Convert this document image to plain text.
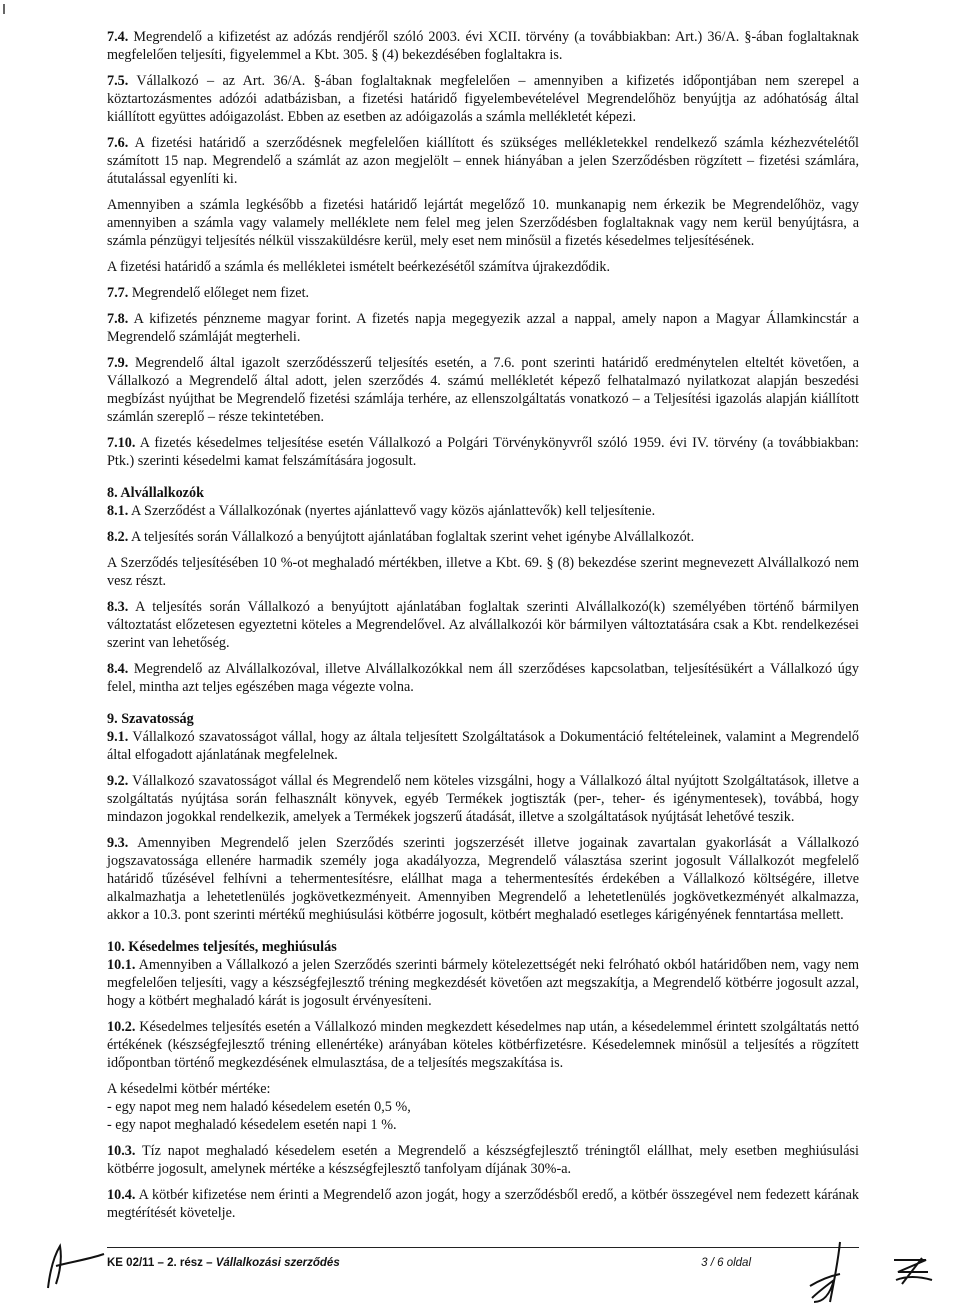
7.4. Megrendelő a kifizetést az adózás rendjéről szóló 2003. évi XCII. törvény (a továbbiakban: Art.) 36/A. §-ában foglaltaknak megfelelően teljesíti, figyelemmel a Kbt. 305. § (4) bekezdésében foglaltakra is.

7.5. Vállalkozó – az Art. 36/A. §-ában foglaltaknak megfelelően – amennyiben a kifizetés időpontjában nem szerepel a köztartozásmentes adózói adatbázisban, a fizetési határidő figyelembevételével Megrendelőhöz benyújtja az adóhatóság által kiállított együttes adóigazolást. Ebben az esetben az adóigazolás a számla mellékletét képezi.

7.6. A fizetési határidő a szerződésnek megfelelően kiállított és szükséges mellékletekkel rendelkező számla kézhezvételétől számított 15 nap. Megrendelő a számlát az azon megjelölt – ennek hiányában a jelen Szerződésben rögzített – fizetési számlára, átutalással egyenlíti ki.

Amennyiben a számla legkésőbb a fizetési határidő lejártát megelőző 10. munkanapig nem érkezik be Megrendelőhöz, vagy amennyiben a számla vagy valamely melléklete nem felel meg jelen Szerződésben foglaltaknak vagy nem kerül benyújtásra, a számla pénzügyi teljesítés nélkül visszaküldésre kerül, mely eset nem minősül a fizetés késedelmes teljesítésének.

A fizetési határidő a számla és mellékletei ismételt beérkezésétől számítva újrakezdődik.

7.7. Megrendelő előleget nem fizet.

7.8. A kifizetés pénzneme magyar forint. A fizetés napja megegyezik azzal a nappal, amely napon a Magyar Államkincstár a Megrendelő számláját megterheli.

7.9. Megrendelő által igazolt szerződésszerű teljesítés esetén, a 7.6. pont szerinti határidő eredménytelen elteltét követően, a Vállalkozó a Megrendelő által adott, jelen szerződés 4. számú mellékletét képező felhatalmazó nyilatkozat alapján beszedési megbízást nyújthat be Megrendelő fizetési számlája terhére, az ellenszolgáltatás vonatkozó – a Teljesítési igazolás alapján kiállított számlán szereplő – része tekintetében.

7.10. A fizetés késedelmes teljesítése esetén Vállalkozó a Polgári Törvénykönyvről szóló 1959. évi IV. törvény (a továbbiakban: Ptk.) szerinti késedelmi kamat felszámítására jogosult.

8. Alvállalkozók

8.1. A Szerződést a Vállalkozónak (nyertes ajánlattevő vagy közös ajánlattevők) kell teljesítenie.

8.2. A teljesítés során Vállalkozó a benyújtott ajánlatában foglaltak szerint vehet igénybe Alvállalkozót.

A Szerződés teljesítésében 10 %-ot meghaladó mértékben, illetve a Kbt. 69. § (8) bekezdése szerint megnevezett Alvállalkozó nem vesz részt.

8.3. A teljesítés során Vállalkozó a benyújtott ajánlatában foglaltak szerinti Alvállalkozó(k) személyében történő bármilyen változtatást előzetesen egyeztetni köteles a Megrendelővel. Az alvállalkozói kör bármilyen változtatására csak a Kbt. rendelkezései szerint van lehetőség.

8.4. Megrendelő az Alvállalkozóval, illetve Alvállalkozókkal nem áll szerződéses kapcsolatban, teljesítésükért a Vállalkozó úgy felel, mintha azt teljes egészében maga végezte volna.

9. Szavatosság

9.1. Vállalkozó szavatosságot vállal, hogy az általa teljesített Szolgáltatások a Dokumentáció feltételeinek, valamint a Megrendelő által elfogadott ajánlatának megfelelnek.

9.2. Vállalkozó szavatosságot vállal és Megrendelő nem köteles vizsgálni, hogy a Vállalkozó által nyújtott Szolgáltatások, illetve a szolgáltatás nyújtása során felhasznált könyvek, egyéb Termékek jogtiszták (per-, teher- és igénymentesek), továbbá, hogy mindazon jogokkal rendelkezik, amelyek a Termékek jogszerű átadását, illetve a szolgáltatások nyújtását lehetővé teszik.

9.3. Amennyiben Megrendelő jelen Szerződés szerinti jogszerzését illetve jogainak zavartalan gyakorlását a Vállalkozó jogszavatossága ellenére harmadik személy joga akadályozza, Megrendelő választása szerint jogosult Vállalkozót megfelelő határidő tűzésével felhívni a tehermentesítésre, elállhat maga a tehermentesítés érdekében a Vállalkozó költségére, illetve alkalmazhatja a lehetetlenülés jogkövetkezményeit. Amennyiben Megrendelő a lehetetlenülés jogkövetkezményét alkalmazza, akkor a 10.3. pont szerinti mértékű meghiúsulási kötbérre jogosult, kötbért meghaladó esetleges kárigényének fenntartása mellett.

10. Késedelmes teljesítés, meghiúsulás

10.1. Amennyiben a Vállalkozó a jelen Szerződés szerinti bármely kötelezettségét neki felróható okból határidőben nem, vagy nem megfelelően teljesíti, vagy a készségfejlesztő tréning megkezdését követően azt megszakítja, a Megrendelő kötbérre jogosult azzal, hogy a kötbért meghaladó kárát is jogosult érvényesíteni.

10.2. Késedelmes teljesítés esetén a Vállalkozó minden megkezdett késedelmes nap után, a késedelemmel érintett szolgáltatás nettó értékének (készségfejlesztő tréning ellenértéke) arányában köteles kötbérfizetésre. Késedelemnek minősül a teljesítés a rögzített időpontban történő megkezdésének elmulasztása, de a teljesítés megszakítása is.

A késedelmi kötbér mértéke:
- egy napot meg nem haladó késedelem esetén 0,5 %,
- egy napot meghaladó késedelem esetén napi 1 %.

10.3. Tíz napot meghaladó késedelem esetén a Megrendelő a készségfejlesztő tréningtől elállhat, mely esetben meghiúsulási kötbérre jogosult, amelynek mértéke a készségfejlesztő tanfolyam díjának 30%-a.

10.4. A kötbér kifizetése nem érinti a Megrendelő azon jogát, hogy a szerződésből eredő, a kötbér összegével nem fedezett kárának megtérítését követelje.

KE 02/11 – 2. rész – Vállalkozási szerződés	3 / 6 oldal
